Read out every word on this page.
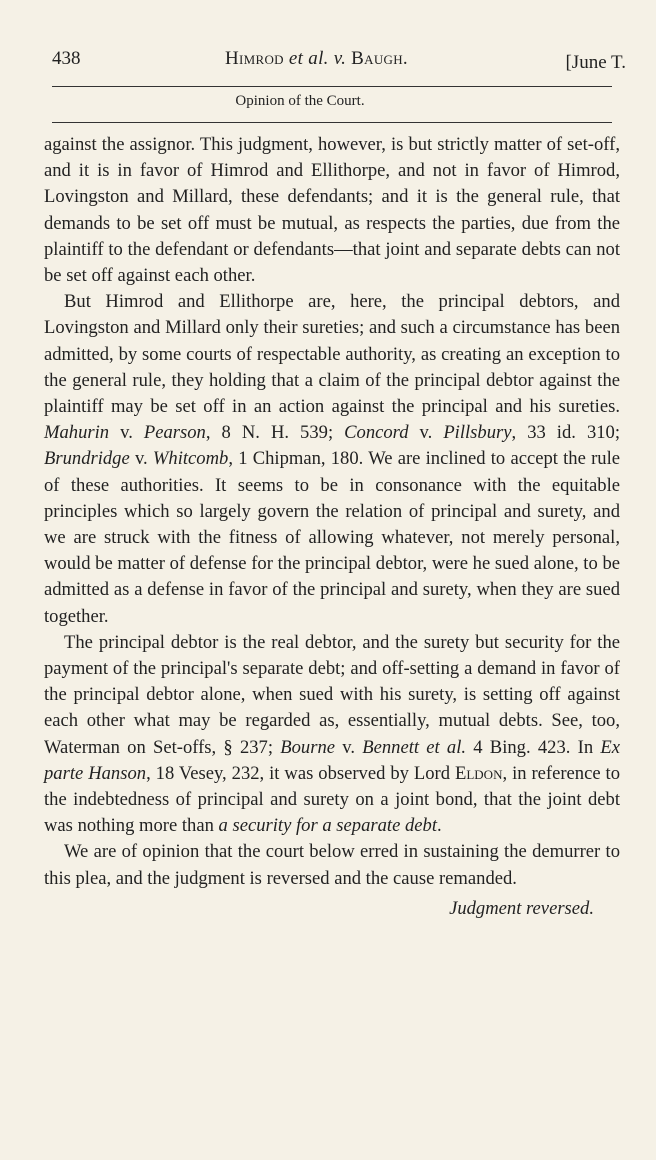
438	Himrod et al. v. Baugh.	[June T.
Opinion of the Court.

against the assignor. This judgment, however, is but strictly matter of set-off, and it is in favor of Himrod and Ellithorpe, and not in favor of Himrod, Lovingston and Millard, these defendants; and it is the general rule, that demands to be set off must be mutual, as respects the parties, due from the plaintiff to the defendant or defendants—that joint and separate debts can not be set off against each other.

But Himrod and Ellithorpe are, here, the principal debtors, and Lovingston and Millard only their sureties; and such a circumstance has been admitted, by some courts of respectable authority, as creating an exception to the general rule, they holding that a claim of the principal debtor against the plaintiff may be set off in an action against the principal and his sureties. Mahurin v. Pearson, 8 N. H. 539; Concord v. Pillsbury, 33 id. 310; Brundridge v. Whitcomb, 1 Chipman, 180. We are inclined to accept the rule of these authorities. It seems to be in consonance with the equitable principles which so largely govern the relation of principal and surety, and we are struck with the fitness of allowing whatever, not merely personal, would be matter of defense for the principal debtor, were he sued alone, to be admitted as a defense in favor of the principal and surety, when they are sued together.

The principal debtor is the real debtor, and the surety but security for the payment of the principal's separate debt; and off-setting a demand in favor of the principal debtor alone, when sued with his surety, is setting off against each other what may be regarded as, essentially, mutual debts. See, too, Waterman on Set-offs, § 237; Bourne v. Bennett et al. 4 Bing. 423. In Ex parte Hanson, 18 Vesey, 232, it was observed by Lord Eldon, in reference to the indebtedness of principal and surety on a joint bond, that the joint debt was nothing more than a security for a separate debt.

We are of opinion that the court below erred in sustaining the demurrer to this plea, and the judgment is reversed and the cause remanded.

Judgment reversed.
